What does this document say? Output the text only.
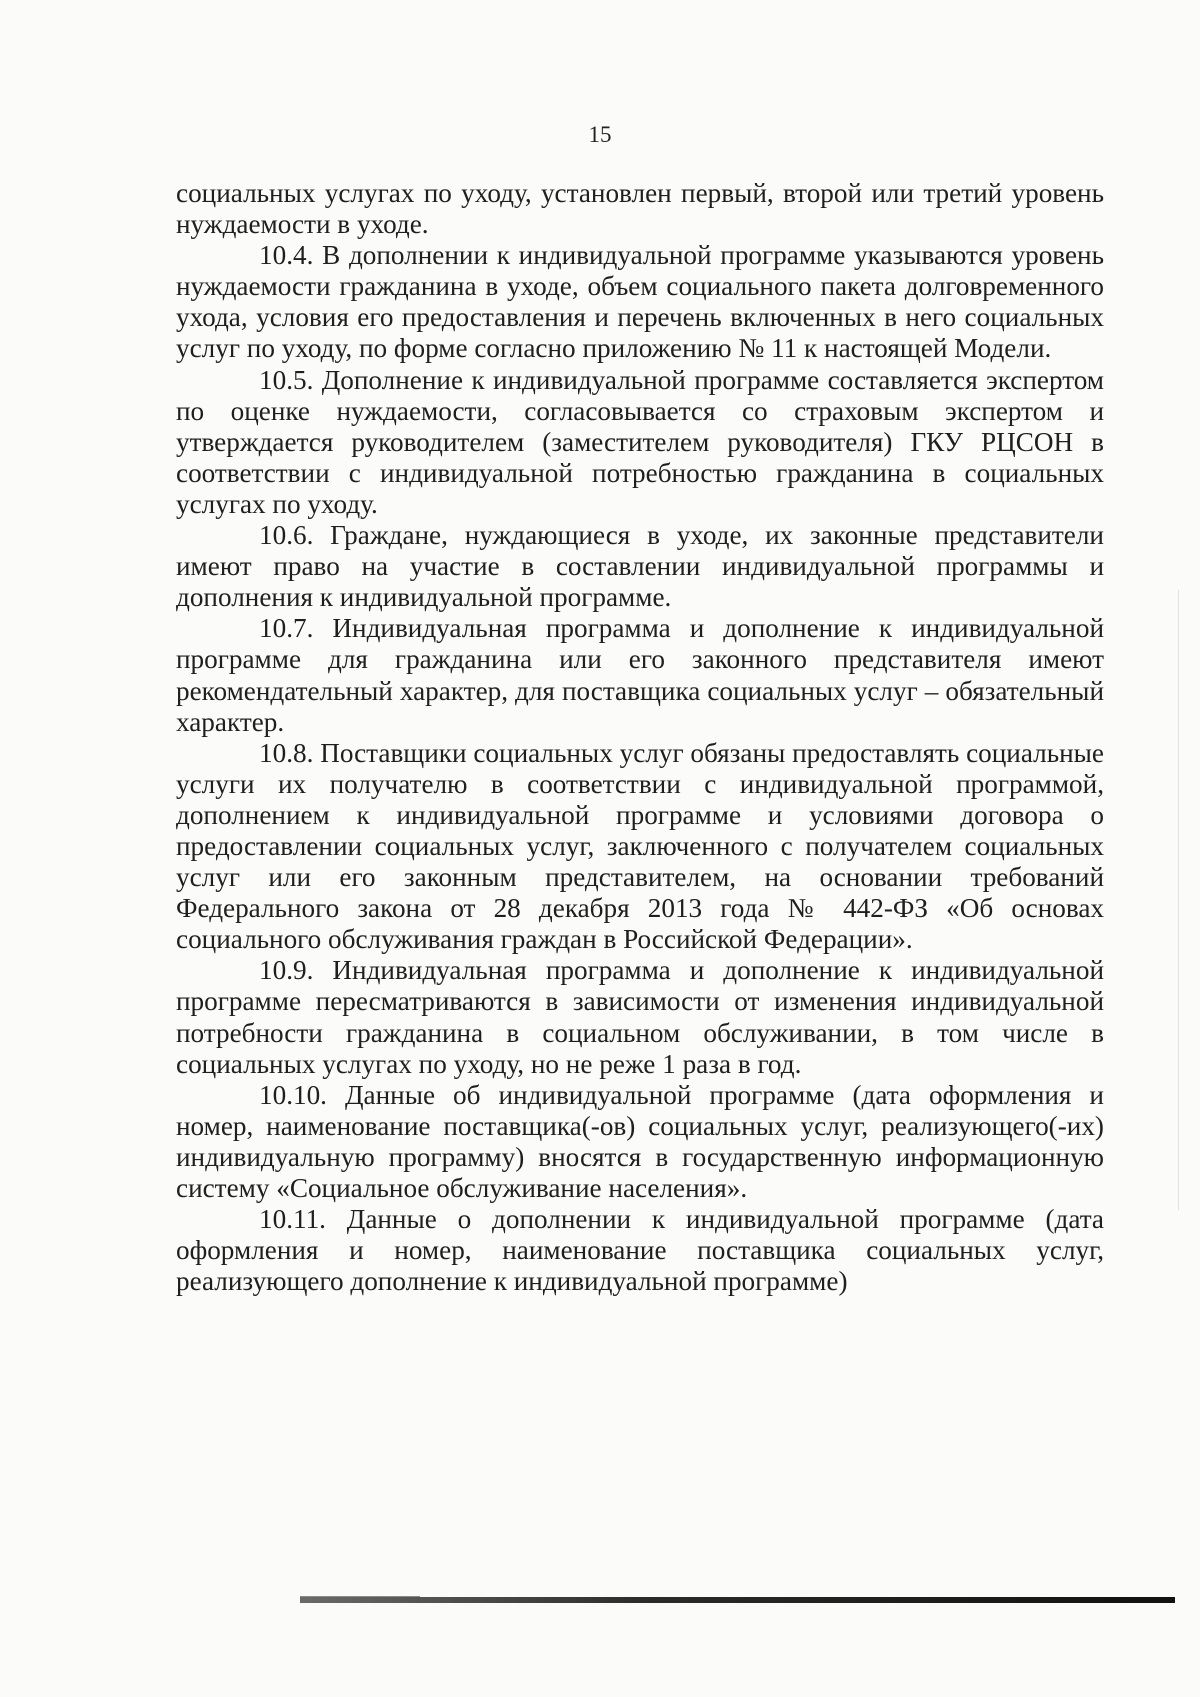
15

социальных услугах по уходу, установлен первый, второй или третий уровень нуждаемости в уходе.

10.4. В дополнении к индивидуальной программе указываются уровень нуждаемости гражданина в уходе, объем социального пакета долговременного ухода, условия его предоставления и перечень включенных в него социальных услуг по уходу, по форме согласно приложению № 11 к настоящей Модели.

10.5. Дополнение к индивидуальной программе составляется экспертом по оценке нуждаемости, согласовывается со страховым экспертом и утверждается руководителем (заместителем руководителя) ГКУ РЦСОН в соответствии с индивидуальной потребностью гражданина в социальных услугах по уходу.

10.6. Граждане, нуждающиеся в уходе, их законные представители имеют право на участие в составлении индивидуальной программы и дополнения к индивидуальной программе.

10.7. Индивидуальная программа и дополнение к индивидуальной программе для гражданина или его законного представителя имеют рекомендательный характер, для поставщика социальных услуг – обязательный характер.

10.8. Поставщики социальных услуг обязаны предоставлять социальные услуги их получателю в соответствии с индивидуальной программой, дополнением к индивидуальной программе и условиями договора о предоставлении социальных услуг, заключенного с получателем социальных услуг или его законным представителем, на основании требований Федерального закона от 28 декабря 2013 года № 442-ФЗ «Об основах социального обслуживания граждан в Российской Федерации».

10.9. Индивидуальная программа и дополнение к индивидуальной программе пересматриваются в зависимости от изменения индивидуальной потребности гражданина в социальном обслуживании, в том числе в социальных услугах по уходу, но не реже 1 раза в год.

10.10. Данные об индивидуальной программе (дата оформления и номер, наименование поставщика(-ов) социальных услуг, реализующего(-их) индивидуальную программу) вносятся в государственную информационную систему «Социальное обслуживание населения».

10.11. Данные о дополнении к индивидуальной программе (дата оформления и номер, наименование поставщика социальных услуг, реализующего дополнение к индивидуальной программе)
